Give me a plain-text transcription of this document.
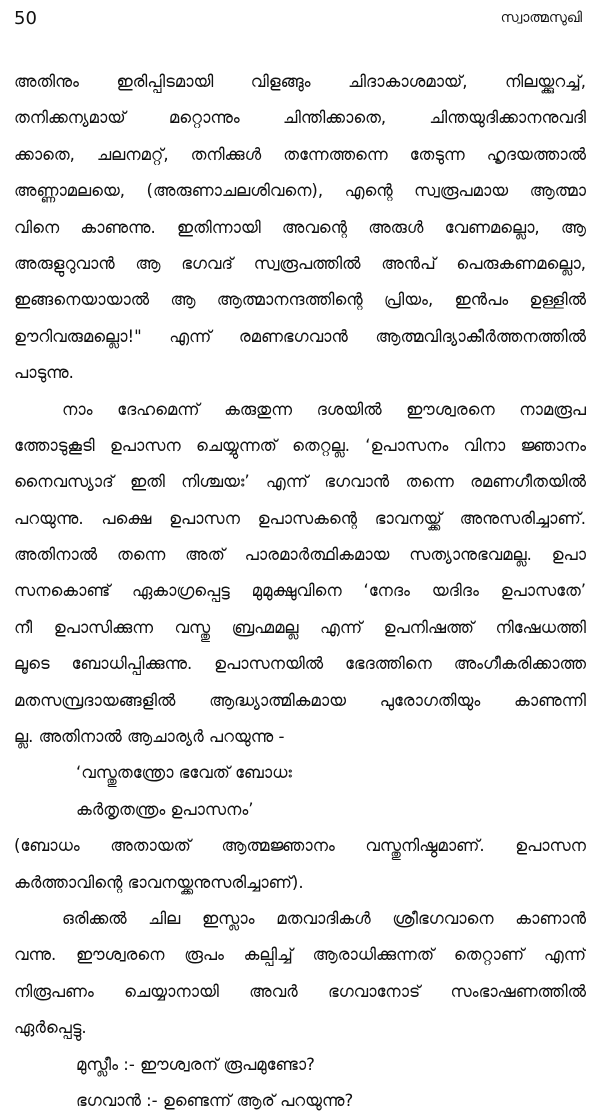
50	സ്വാത്മസുഖി
അതിനും ഇരിപ്പിടമായി വിളങ്ങും ചിദാകാശമായ്, നിലയ്ക്കുറച്ച്,
തനിക്കന്യമായ് മറ്റൊന്നും ചിന്തിക്കാതെ, ചിന്തയുദിക്കാനനുവദി
ക്കാതെ, ചലനമറ്റ്, തനിക്കുൾ തന്നേത്തന്നെ തേടുന്ന ഹൃദയത്താൽ
അണ്ണാമലയെ, (അരുണാചലശിവനെ), എന്റെ സ്വരൂപമായ ആത്മാ
വിനെ കാണുന്നു. ഇതിന്നായി അവന്റെ അരുൾ വേണമല്ലൊ, ആ
അരുളുറുവാൻ ആ ഭഗവദ് സ്വരൂപത്തിൽ അൻപ് പെരുകണമല്ലൊ,
ഇങ്ങനെയായാൽ ആ ആത്മാനന്ദത്തിന്റെ പ്രിയം, ഇൻപം ഉള്ളിൽ
ഊറിവരുമല്ലൊ!" എന്ന് രമണഭഗവാൻ ആത്മവിദ്യാകീർത്തനത്തിൽ
പാടുന്നു.
നാം ദേഹമെന്ന് കരുതുന്ന ദശയിൽ ഈശ്വരനെ നാമരൂപ
ത്തോടുകൂടി ഉപാസന ചെയ്യുന്നത് തെറ്റല്ല. ‘ഉപാസനം വിനാ ജ്ഞാനം
നൈവസ്യാദ് ഇതി നിശ്ചയഃ’ എന്ന് ഭഗവാൻ തന്നെ രമണഗീതയിൽ
പറയുന്നു. പക്ഷെ ഉപാസന ഉപാസകന്റെ ഭാവനയ്ക്ക് അനുസരിച്ചാണ്.
അതിനാൽ തന്നെ അത് പാരമാർത്ഥികമായ സത്യാനുഭവമല്ല. ഉപാ
സനകൊണ്ട് ഏകാഗ്രപ്പെട്ട മുമുക്ഷുവിനെ ‘നേദം യദിദം ഉപാസതേ’
നീ ഉപാസിക്കുന്ന വസ്തു ബ്രഹ്മമല്ല എന്ന് ഉപനിഷത്ത് നിഷേധത്തി
ലൂടെ ബോധിപ്പിക്കുന്നു. ഉപാസനയിൽ ഭേദത്തിനെ അംഗീകരിക്കാത്ത
മതസമ്പ്രദായങ്ങളിൽ ആദ്ധ്യാത്മികമായ പുരോഗതിയും കാണുന്നി
ല്ല. അതിനാൽ ആചാര്യർ പറയുന്നു -
‘വസ്തുതന്ത്രോ ഭവേത് ബോധഃ
കർതൃതന്ത്രം ഉപാസനം’
(ബോധം അതായത് ആത്മജ്ഞാനം വസ്തുനിഷ്ഠമാണ്. ഉപാസന
കർത്താവിന്റെ ഭാവനയ്ക്കനുസരിച്ചാണ്).
ഒരിക്കൽ ചില ഇസ്ലാം മതവാദികൾ ശ്രീഭഗവാനെ കാണാൻ
വന്നു. ഈശ്വരനെ രൂപം കല്പിച്ച് ആരാധിക്കുന്നത് തെറ്റാണ് എന്ന്
നിരൂപണം ചെയ്യാനായി അവർ ഭഗവാനോട് സംഭാഷണത്തിൽ
ഏർപ്പെട്ടു.
മുസ്ലീം :- ഈശ്വരന് രൂപമുണ്ടോ?
ഭഗവാൻ :- ഉണ്ടെന്ന് ആര് പറയുന്നു?
